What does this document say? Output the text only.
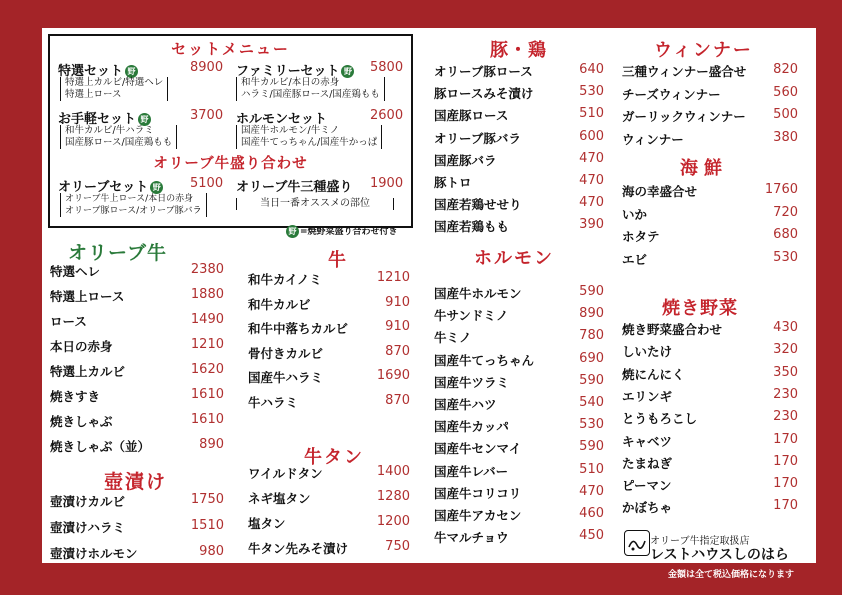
セットメニュー
特選セット 野	8900
特選上カルビ/特選ヘレ
特選上ロース
ファミリーセット 野 5800
和牛カルビ/本日の赤身
ハラミ/国産豚ロース/国産鶏もも
お手軽セット 野	3700
和牛カルビ/牛ハラミ
国産豚ロース/国産鶏もも
ホルモンセット	2600
国産牛ホルモン/牛ミノ
国産牛てっちゃん/国産牛かっぱ
オリーブ牛盛り合わせ
オリーブセット 野 5100
オリーブ牛上ロース/本日の赤身
オリーブ豚ロース/オリーブ豚バラ
オリーブ牛三種盛り 1900
当日一番オススメの部位
野 =焼野菜盛り合わせ付き
オリーブ牛
特選ヘレ	2380
特選上ロース	1880
ロース	1490
本日の赤身	1210
特選上カルビ	1620
焼きすき	1610
焼きしゃぶ	1610
焼きしゃぶ（並）	890
壺漬け
壺漬けカルビ	1750
壺漬けハラミ	1510
壺漬けホルモン	980
牛
和牛カイノミ	1210
和牛カルビ	910
和牛中落ちカルビ	910
骨付きカルビ	870
国産牛ハラミ	1690
牛ハラミ	870
牛タン
ワイルドタン	1400
ネギ塩タン	1280
塩タン	1200
牛タン先みそ漬け	750
豚・鶏
オリーブ豚ロース	640
豚ロースみそ漬け	530
国産豚ロース	510
オリーブ豚バラ	600
国産豚バラ	470
豚トロ	470
国産若鶏せせり	470
国産若鶏もも	390
ホルモン
国産牛ホルモン	590
牛サンドミノ	890
牛ミノ	780
国産牛てっちゃん	690
国産牛ツラミ	590
国産牛ハツ	540
国産牛カッパ	530
国産牛センマイ	590
国産牛レバー	510
国産牛コリコリ	470
国産牛アカセン	460
牛マルチョウ	450
ウィンナー
三種ウィンナー盛合せ 820
チーズウィンナー	560
ガーリックウィンナー 500
ウィンナー	380
海鮮
海の幸盛合せ	1760
いか	720
ホタテ	680
エビ	530
焼き野菜
焼き野菜盛合わせ	430
しいたけ	320
焼にんにく	350
エリンギ	230
とうもろこし	230
キャベツ	170
たまねぎ	170
ピーマン	170
かぼちゃ	170
オリーブ牛指定取扱店
レストハウスしのはら
金額は全て税込価格になります
